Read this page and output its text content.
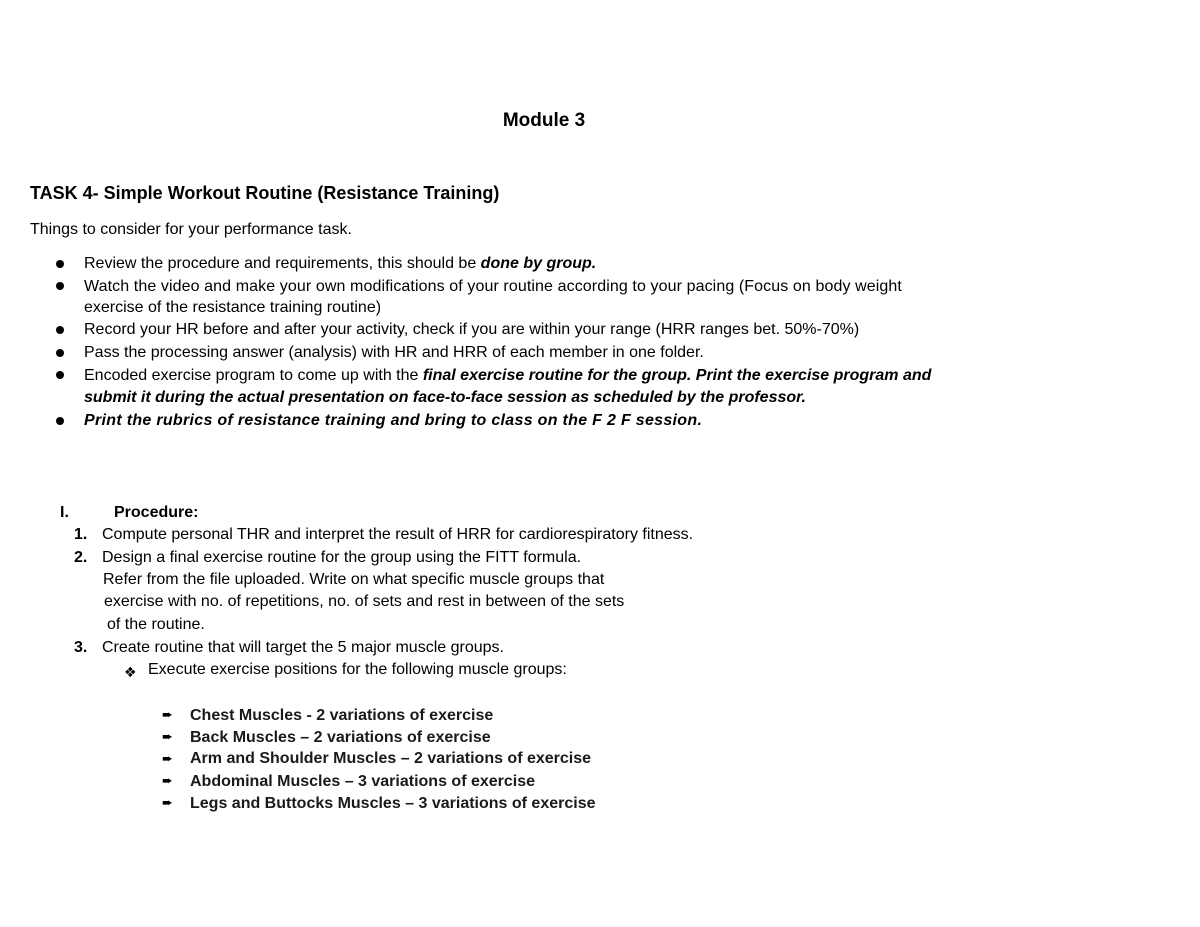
Module 3
TASK 4- Simple Workout Routine (Resistance Training)
Things to consider for your performance task.
Review the procedure and requirements, this should be done by group.
Watch the video and make your own modifications of your routine according to your pacing (Focus on body weight
exercise of the resistance training routine)
Record your HR before and after your activity, check if you are within your range (HRR ranges bet. 50%-70%)
Pass the processing answer (analysis) with HR and HRR of each member in one folder.
Encoded exercise program to come up with the final exercise routine for the group. Print the exercise program and
submit it during the actual presentation on face-to-face session as scheduled by the professor.
Print the rubrics of resistance training and bring to class on the F 2 F session.
I.	Procedure:
1. Compute personal THR and interpret the result of HRR for cardiorespiratory fitness.
2. Design a final exercise routine for the group using the FITT formula.
Refer from the file uploaded. Write on what specific muscle groups that
exercise with no. of repetitions, no. of sets and rest in between of the sets
of the routine.
3. Create routine that will target the 5 major muscle groups.
❖ Execute exercise positions for the following muscle groups:
➨ Chest Muscles - 2 variations of exercise
➨ Back Muscles – 2 variations of exercise
➨ Arm and Shoulder Muscles – 2 variations of exercise
➨ Abdominal Muscles – 3 variations of exercise
➨ Legs and Buttocks Muscles – 3 variations of exercise
